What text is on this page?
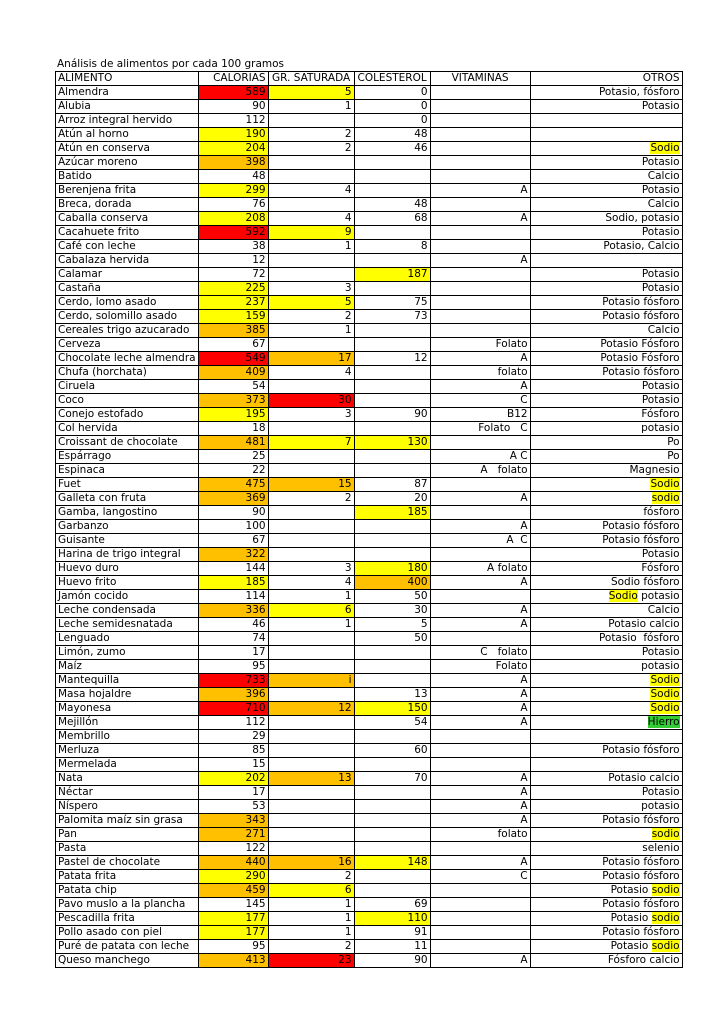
Análisis de alimentos por cada 100 gramos
ALIMENTO	CALORIAS	GR. SATURADA	COLESTEROL	VITAMINAS	OTROS
Almendra	589	5	0		Potasio, fósforo
Alubia	90	1	0		Potasio
Arroz integral hervido	112		0		
Atún al horno	190	2	48		
Atún en conserva	204	2	46		Sodio
Azúcar moreno	398				Potasio
Batido	48				Calcio
Berenjena frita	299	4		A	Potasio
Breca, dorada	76		48		Calcio
Caballa conserva	208	4	68	A	Sodio, potasio
Cacahuete frito	592	9			Potasio
Café con leche	38	1	8		Potasio, Calcio
Cabalaza hervida	12			A	
Calamar	72		187		Potasio
Castaña	225	3			Potasio
Cerdo, lomo asado	237	5	75		Potasio fósforo
Cerdo, solomillo asado	159	2	73		Potasio fósforo
Cereales trigo azucarado	385	1			Calcio
Cerveza	67			Folato	Potasio Fósforo
Chocolate leche almendra	549	17	12	A	Potasio Fósforo
Chufa (horchata)	409	4		folato	Potasio fósforo
Ciruela	54			A	Potasio
Coco	373	30		C	Potasio
Conejo estofado	195	3	90	B12	Fósforo
Col hervida	18			Folato   C	potasio
Croissant de chocolate	481	7	130		Po
Espárrago	25			A C	Po
Espinaca	22			A   folato	Magnesio
Fuet	475	15	87		Sodio
Galleta con fruta	369	2	20	A	sodio
Gamba, langostino	90		185		fósforo
Garbanzo	100			A	Potasio fósforo
Guisante	67			A  C	Potasio fósforo
Harina de trigo integral	322				Potasio
Huevo duro	144	3	180	A folato	Fósforo
Huevo frito	185	4	400	A	Sodio fósforo
Jamón cocido	114	1	50		Sodio potasio
Leche condensada	336	6	30	A	Calcio
Leche semidesnatada	46	1	5	A	Potasio calcio
Lenguado	74		50		Potasio  fósforo
Limón, zumo	17			C   folato	Potasio
Maíz	95			Folato	potasio
Mantequilla	733	i		A	Sodio
Masa hojaldre	396		13	A	Sodio
Mayonesa	710	12	150	A	Sodio
Mejillón	112		54	A	Hierro
Membrillo	29				
Merluza	85		60		Potasio fósforo
Mermelada	15				
Nata	202	13	70	A	Potasio calcio
Néctar	17			A	Potasio
Níspero	53			A	potasio
Palomita maíz sin grasa	343			A	Potasio fósforo
Pan	271			folato	sodio
Pasta	122				selenio
Pastel de chocolate	440	16	148	A	Potasio fósforo
Patata frita	290	2		C	Potasio fósforo
Patata chip	459	6			Potasio sodio
Pavo muslo a la plancha	145	1	69		Potasio fósforo
Pescadilla frita	177	1	110		Potasio sodio
Pollo asado con piel	177	1	91		Potasio fósforo
Puré de patata con leche	95	2	11		Potasio sodio
Queso manchego	413	23	90	A	Fósforo calcio
